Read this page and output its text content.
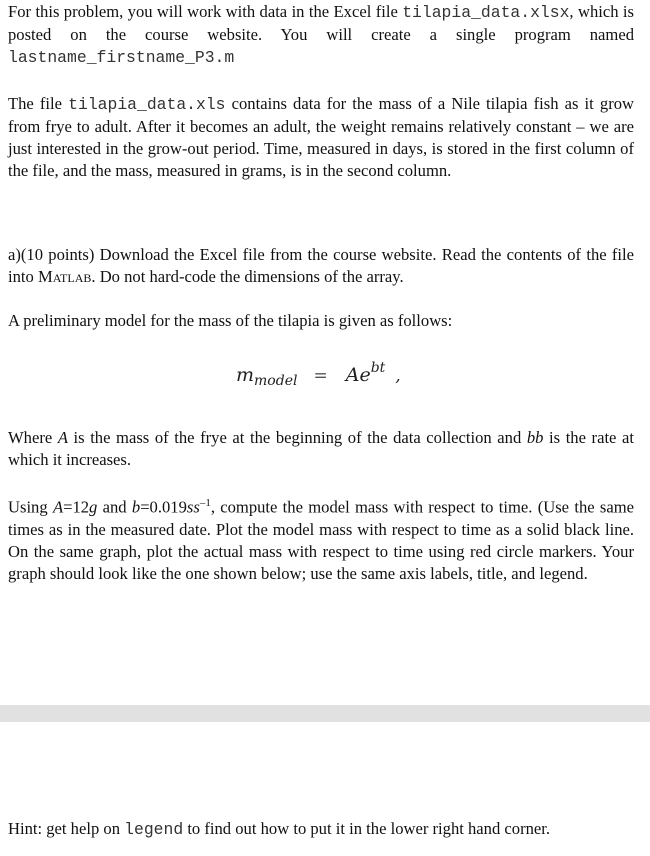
For this problem, you will work with data in the Excel file tilapia_data.xlsx, which is posted on the course website. You will create a single program named lastname_firstname_P3.m

The file tilapia_data.xls contains data for the mass of a Nile tilapia fish as it grow from frye to adult. After it becomes an adult, the weight remains relatively constant – we are just interested in the grow-out period. Time, measured in days, is stored in the first column of the file, and the mass, measured in grams, is in the second column.

a)(10 points) Download the Excel file from the course website. Read the contents of the file into Matlab. Do not hard-code the dimensions of the array.

A preliminary model for the mass of the tilapia is given as follows:

$m_{model} = Ae^{bt}$ ,

Where A is the mass of the frye at the beginning of the data collection and bb is the rate at which it increases.

Using A=12g and $b=0.019ss^{-1}$, compute the model mass with respect to time. (Use the same times as in the measured date. Plot the model mass with respect to time as a solid black line. On the same graph, plot the actual mass with respect to time using red circle markers. Your graph should look like the one shown below; use the same axis labels, title, and legend.

Hint: get help on legend to find out how to put it in the lower right hand corner.
